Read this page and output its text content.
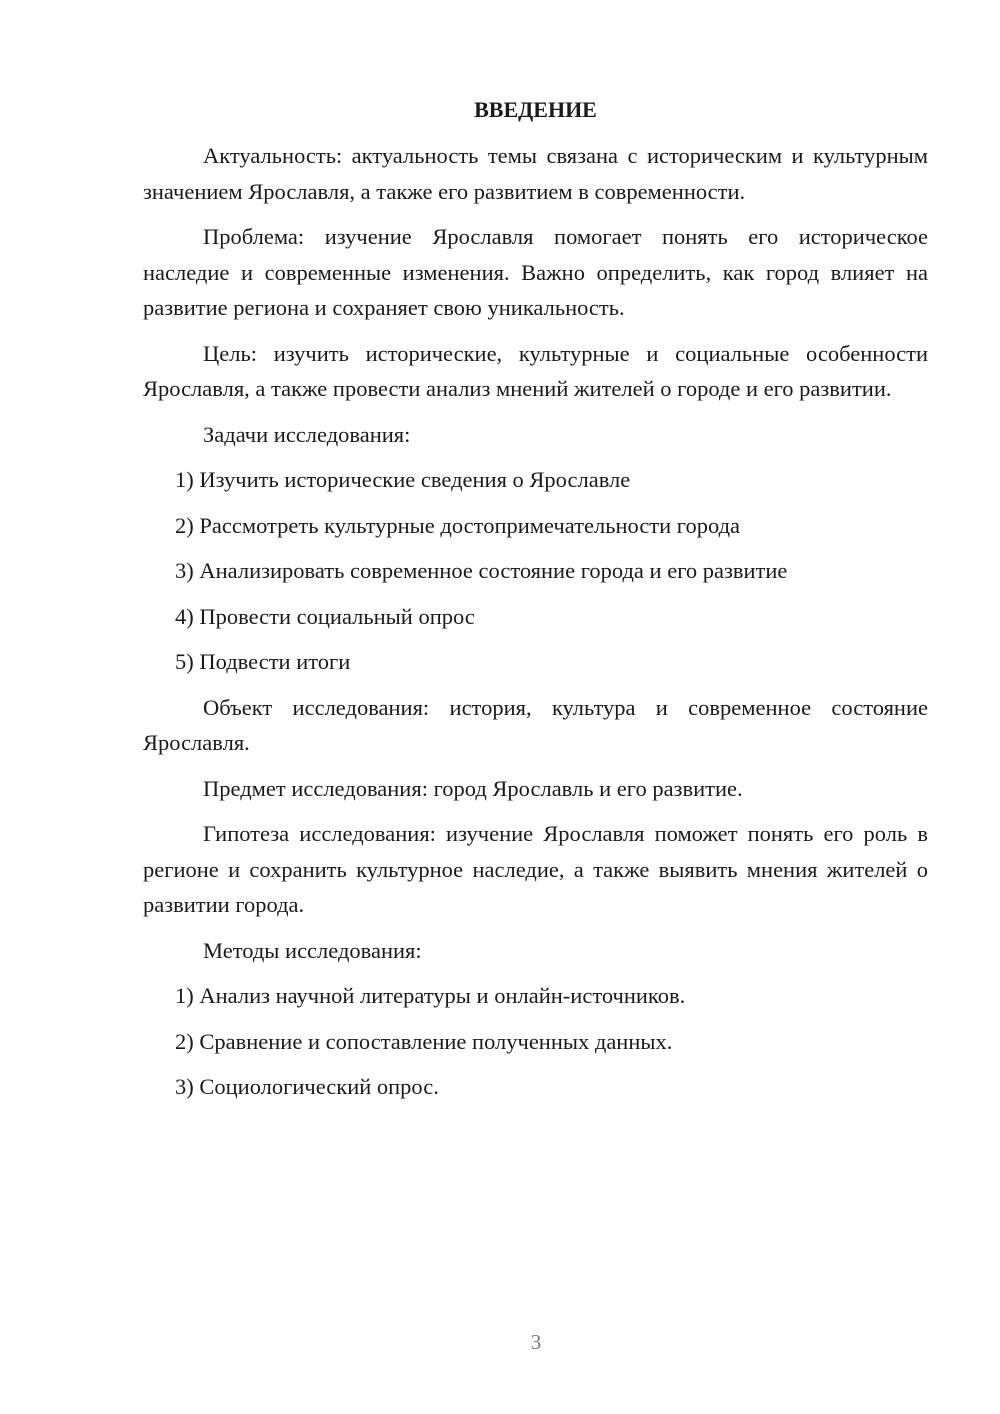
ВВЕДЕНИЕ

Актуальность: актуальность темы связана с историческим и культурным значением Ярославля, а также его развитием в современности.

Проблема: изучение Ярославля помогает понять его историческое наследие и современные изменения. Важно определить, как город влияет на развитие региона и сохраняет свою уникальность.

Цель: изучить исторические, культурные и социальные особенности Ярославля, а также провести анализ мнений жителей о городе и его развитии.

Задачи исследования:

1) Изучить исторические сведения о Ярославле

2) Рассмотреть культурные достопримечательности города

3) Анализировать современное состояние города и его развитие

4) Провести социальный опрос

5) Подвести итоги

Объект исследования: история, культура и современное состояние Ярославля.

Предмет исследования: город Ярославль и его развитие.

Гипотеза исследования: изучение Ярославля поможет понять его роль в регионе и сохранить культурное наследие, а также выявить мнения жителей о развитии города.

Методы исследования:

1) Анализ научной литературы и онлайн-источников.

2) Сравнение и сопоставление полученных данных.

3) Социологический опрос.

3
